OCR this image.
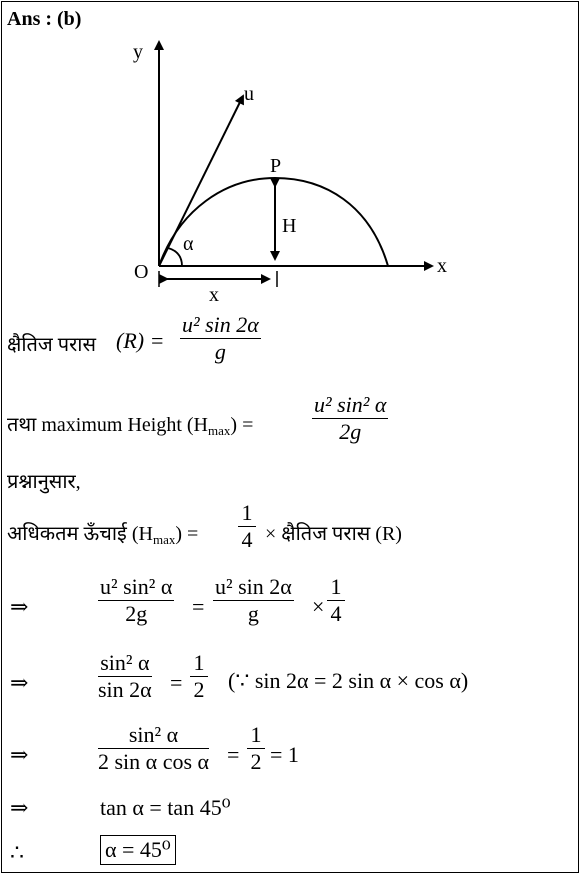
Ans : (b)
y
x
O
u
α
P
H
x
क्षैतिज परास (R) =
u² sin 2α
g
तथा maximum Height $(H_{max})$ =
u² sin² α
2g
प्रश्नानुसार,
अधिकतम ऊँचाई $(H_{max})$ =
1
4 × क्षैतिज परास (R)
⇒
u² sin² α
2g	=
u² sin 2α
g	×
1
4
⇒
sin² α
sin 2α =
1
2 (∵ sin 2α = 2 sin α × cos α)
⇒
sin² α
2 sin α cos α =
1
2 = 1
⇒	tan α = tan 45⁰
∴	α = 45⁰
